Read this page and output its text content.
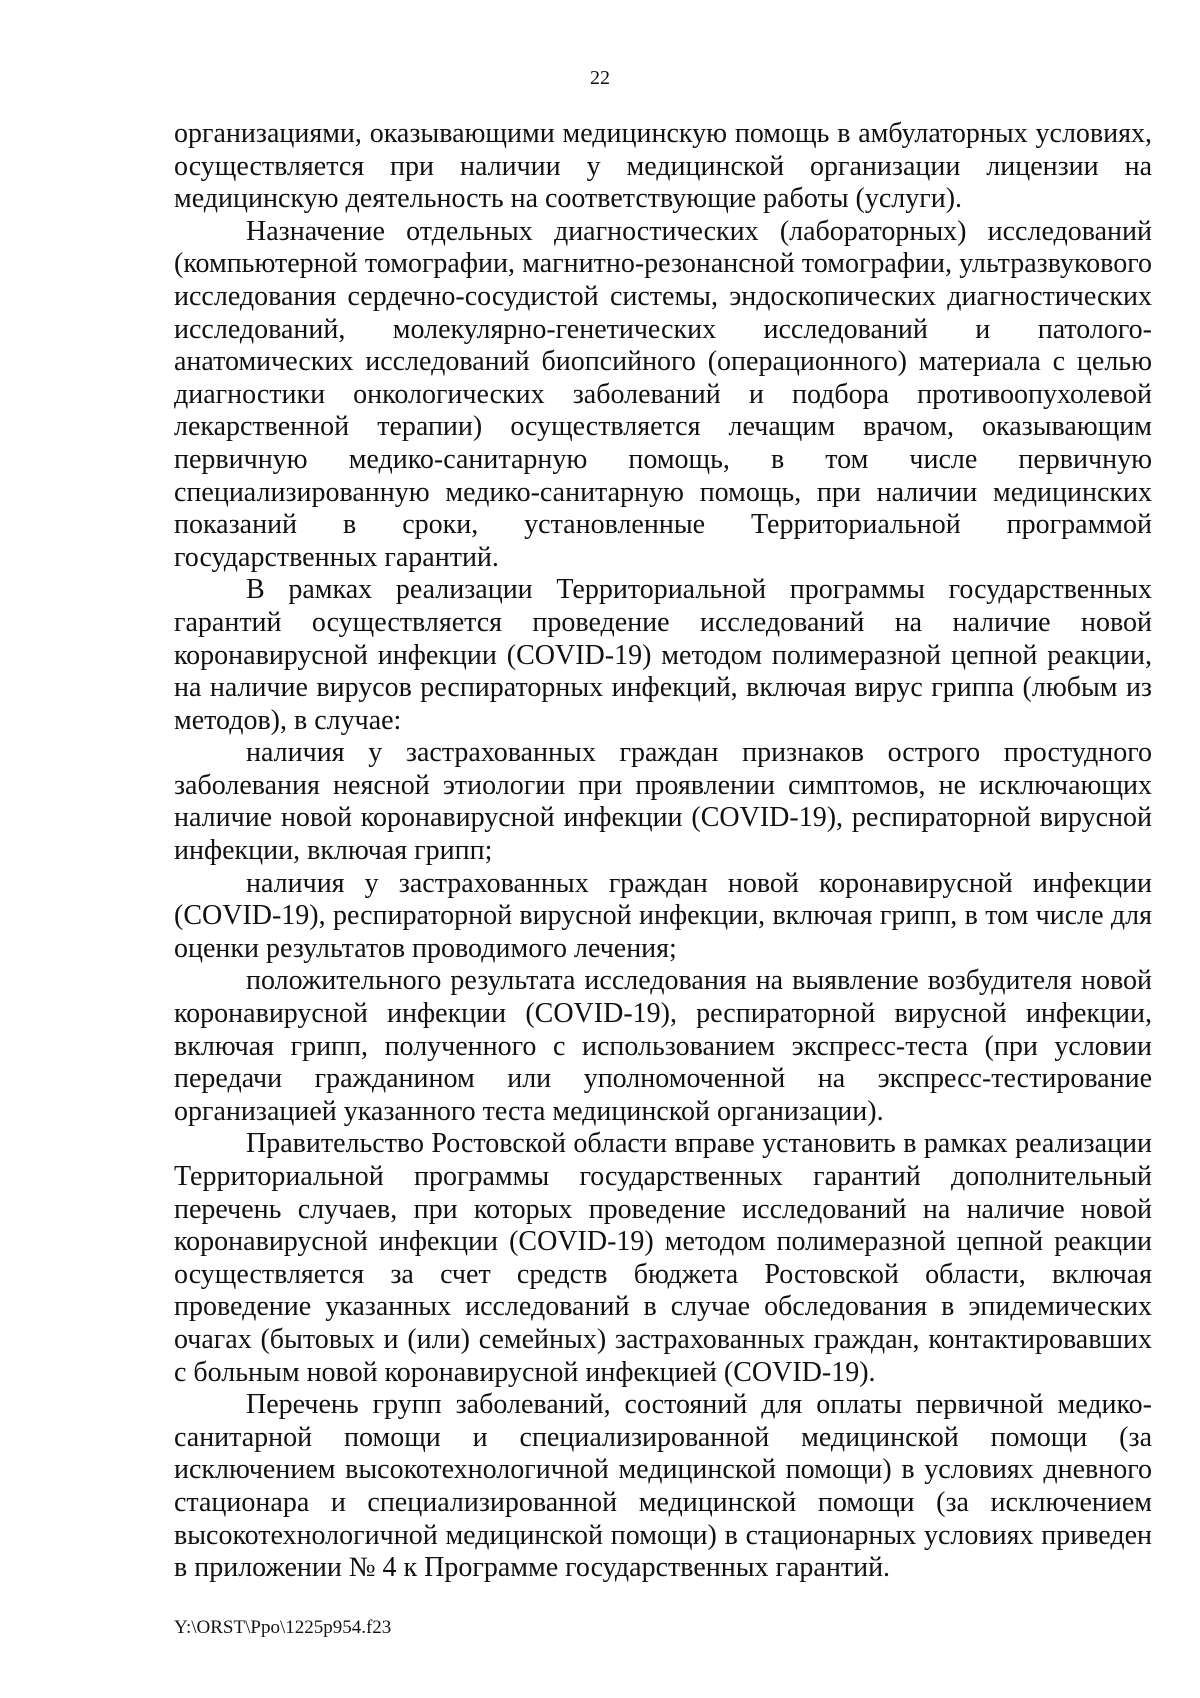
22

организациями, оказывающими медицинскую помощь в амбулаторных условиях, осуществляется при наличии у медицинской организации лицензии на медицинскую деятельность на соответствующие работы (услуги).

Назначение отдельных диагностических (лабораторных) исследований (компьютерной томографии, магнитно-резонансной томографии, ультразвукового исследования сердечно-сосудистой системы, эндоскопических диагностических исследований, молекулярно-генетических исследований и патолого-анатомических исследований биопсийного (операционного) материала с целью диагностики онкологических заболеваний и подбора противоопухолевой лекарственной терапии) осуществляется лечащим врачом, оказывающим первичную медико-санитарную помощь, в том числе первичную специализированную медико-санитарную помощь, при наличии медицинских показаний в сроки, установленные Территориальной программой государственных гарантий.

В рамках реализации Территориальной программы государственных гарантий осуществляется проведение исследований на наличие новой коронавирусной инфекции (COVID-19) методом полимеразной цепной реакции, на наличие вирусов респираторных инфекций, включая вирус гриппа (любым из методов), в случае:

наличия у застрахованных граждан признаков острого простудного заболевания неясной этиологии при проявлении симптомов, не исключающих наличие новой коронавирусной инфекции (COVID-19), респираторной вирусной инфекции, включая грипп;

наличия у застрахованных граждан новой коронавирусной инфекции (COVID-19), респираторной вирусной инфекции, включая грипп, в том числе для оценки результатов проводимого лечения;

положительного результата исследования на выявление возбудителя новой коронавирусной инфекции (COVID-19), респираторной вирусной инфекции, включая грипп, полученного с использованием экспресс-теста (при условии передачи гражданином или уполномоченной на экспресс-тестирование организацией указанного теста медицинской организации).

Правительство Ростовской области вправе установить в рамках реализации Территориальной программы государственных гарантий дополнительный перечень случаев, при которых проведение исследований на наличие новой коронавирусной инфекции (COVID-19) методом полимеразной цепной реакции осуществляется за счет средств бюджета Ростовской области, включая проведение указанных исследований в случае обследования в эпидемических очагах (бытовых и (или) семейных) застрахованных граждан, контактировавших с больным новой коронавирусной инфекцией (COVID-19).

Перечень групп заболеваний, состояний для оплаты первичной медико-санитарной помощи и специализированной медицинской помощи (за исключением высокотехнологичной медицинской помощи) в условиях дневного стационара и специализированной медицинской помощи (за исключением высокотехнологичной медицинской помощи) в стационарных условиях приведен в приложении № 4 к Программе государственных гарантий.

Y:\ORST\Ppo\1225p954.f23
